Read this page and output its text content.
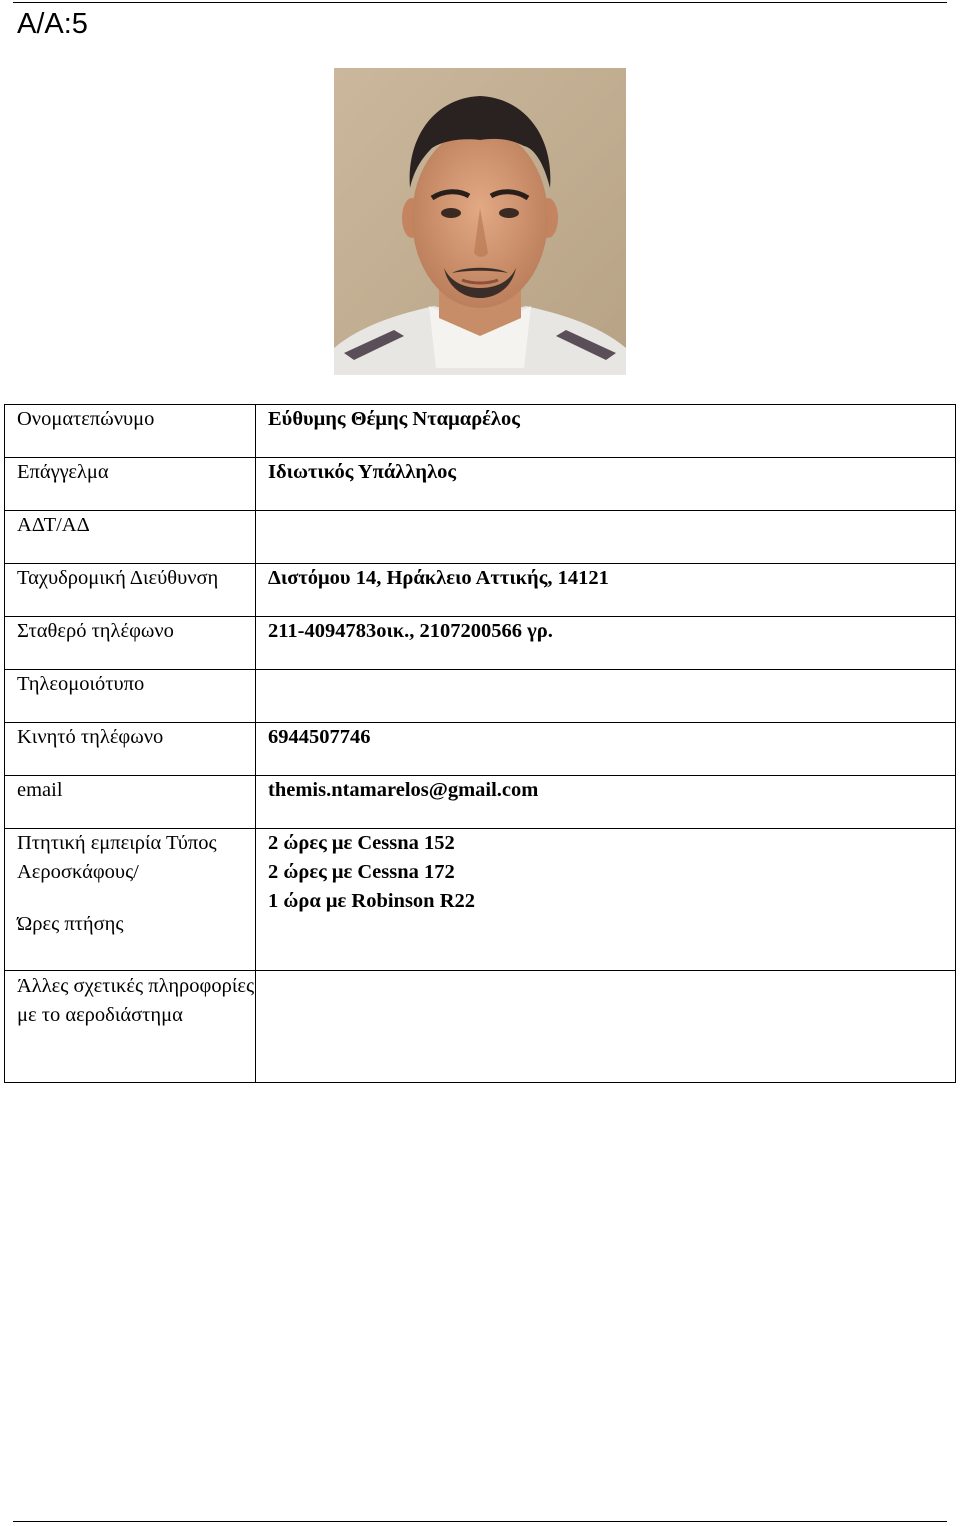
Α/Α:5
Ονοματεπώνυμο	Εύθυμης Θέμης Νταμαρέλος

Επάγγελμα	Ιδιωτικός Υπάλληλος

ΑΔΤ/ΑΔ	

Ταχυδρομική Διεύθυνση	Διστόμου 14, Ηράκλειο Αττικής, 14121

Σταθερό τηλέφωνο	211-4094783οικ., 2107200566 γρ.

Τηλεομοιότυπο	

Κινητό τηλέφωνο	6944507746

email	themis.ntamarelos@gmail.com

Πτητική εμπειρία Τύπος Αεροσκάφους/
Ώρες πτήσης	2 ώρες με Cessna 152
2 ώρες με Cessna 172
1 ώρα με Robinson R22

Άλλες σχετικές πληροφορίες με το αεροδιάστημα	
